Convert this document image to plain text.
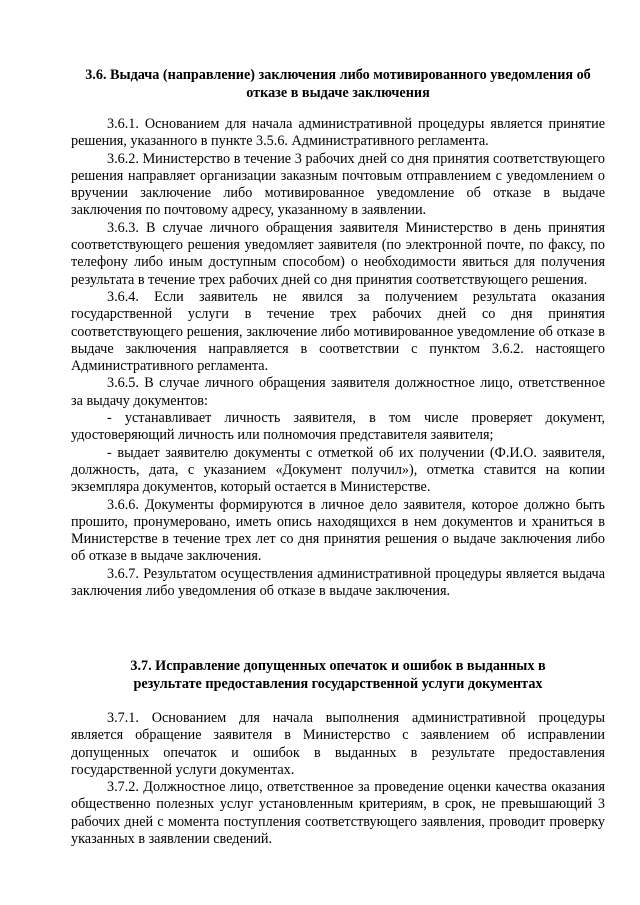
3.6. Выдача (направление) заключения либо мотивированного уведомления об
отказе в выдаче заключения

3.6.1. Основанием для начала административной процедуры является принятие решения, указанного в пункте 3.5.6. Административного регламента.

3.6.2. Министерство в течение 3 рабочих дней со дня принятия соответствующего решения направляет организации заказным почтовым отправлением с уведомлением о вручении заключение либо мотивированное уведомление об отказе в выдаче заключения по почтовому адресу, указанному в заявлении.

3.6.3. В случае личного обращения заявителя Министерство в день принятия соответствующего решения уведомляет заявителя (по электронной почте, по факсу, по телефону либо иным доступным способом) о необходимости явиться для получения результата в течение трех рабочих дней со дня принятия соответствующего решения.

3.6.4. Если заявитель не явился за получением результата оказания государственной услуги в течение трех рабочих дней со дня принятия соответствующего решения, заключение либо мотивированное уведомление об отказе в выдаче заключения направляется в соответствии с пунктом 3.6.2. настоящего Административного регламента.

3.6.5. В случае личного обращения заявителя должностное лицо, ответственное за выдачу документов:

- устанавливает личность заявителя, в том числе проверяет документ, удостоверяющий личность или полномочия представителя заявителя;

- выдает заявителю документы с отметкой об их получении (Ф.И.О. заявителя, должность, дата, с указанием «Документ получил»), отметка ставится на копии экземпляра документов, который остается в Министерстве.

3.6.6. Документы формируются в личное дело заявителя, которое должно быть прошито, пронумеровано, иметь опись находящихся в нем документов и храниться в Министерстве в течение трех лет со дня принятия решения о выдаче заключения либо об отказе в выдаче заключения.

3.6.7. Результатом осуществления административной процедуры является выдача заключения либо уведомления об отказе в выдаче заключения.

3.7. Исправление допущенных опечаток и ошибок в выданных в
результате предоставления государственной услуги документах

3.7.1. Основанием для начала выполнения административной процедуры является обращение заявителя в Министерство с заявлением об исправлении допущенных опечаток и ошибок в выданных в результате предоставления государственной услуги документах.

3.7.2. Должностное лицо, ответственное за проведение оценки качества оказания общественно полезных услуг установленным критериям, в срок, не превышающий 3 рабочих дней с момента поступления соответствующего заявления, проводит проверку указанных в заявлении сведений.
